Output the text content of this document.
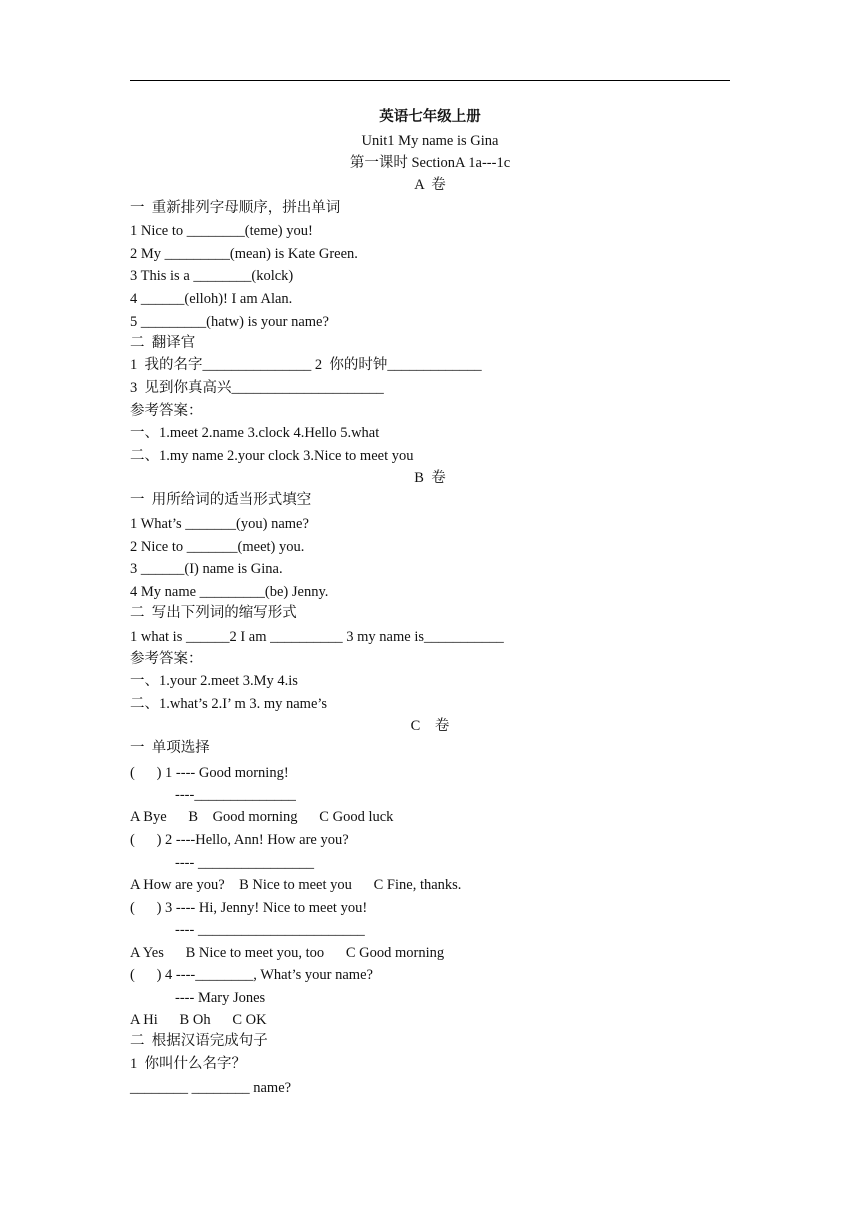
英语七年级上册
Unit1 My name is Gina
第一课时 SectionA 1a---1c
A  卷
一  重新排列字母顺序，拼出单词
1 Nice to ________(teme) you!
2 My _________(mean) is Kate Green.
3 This is a ________(kolck)
4 ______(elloh)! I am Alan.
5 _________(hatw) is your name?
二  翻译官
1  我的名字_______________ 2  你的时钟_____________
3  见到你真高兴_____________________
参考答案：
一、1.meet 2.name 3.clock 4.Hello 5.what
二、1.my name 2.your clock 3.Nice to meet you
B  卷
一  用所给词的适当形式填空
1 What’s _______(you) name?
2 Nice to _______(meet) you.
3 ______(I) name is Gina.
4 My name _________(be) Jenny.
二  写出下列词的缩写形式
1 what is ______2 I am __________ 3 my name is___________
参考答案：
一、1.your 2.meet 3.My 4.is
二、1.what’s 2.I’ m 3. my name’s
C    卷
一  单项选择
(      ) 1 ---- Good morning!
----______________
A Bye      B    Good morning      C Good luck
(      ) 2 ----Hello, Ann! How are you?
---- ________________
A How are you?    B Nice to meet you      C Fine, thanks.
(      ) 3 ---- Hi, Jenny! Nice to meet you!
---- _______________________
A Yes      B Nice to meet you, too      C Good morning
(      ) 4 ----________, What’s your name?
---- Mary Jones
A Hi      B Oh      C OK
二  根据汉语完成句子
1  你叫什么名字？
________ ________ name?
